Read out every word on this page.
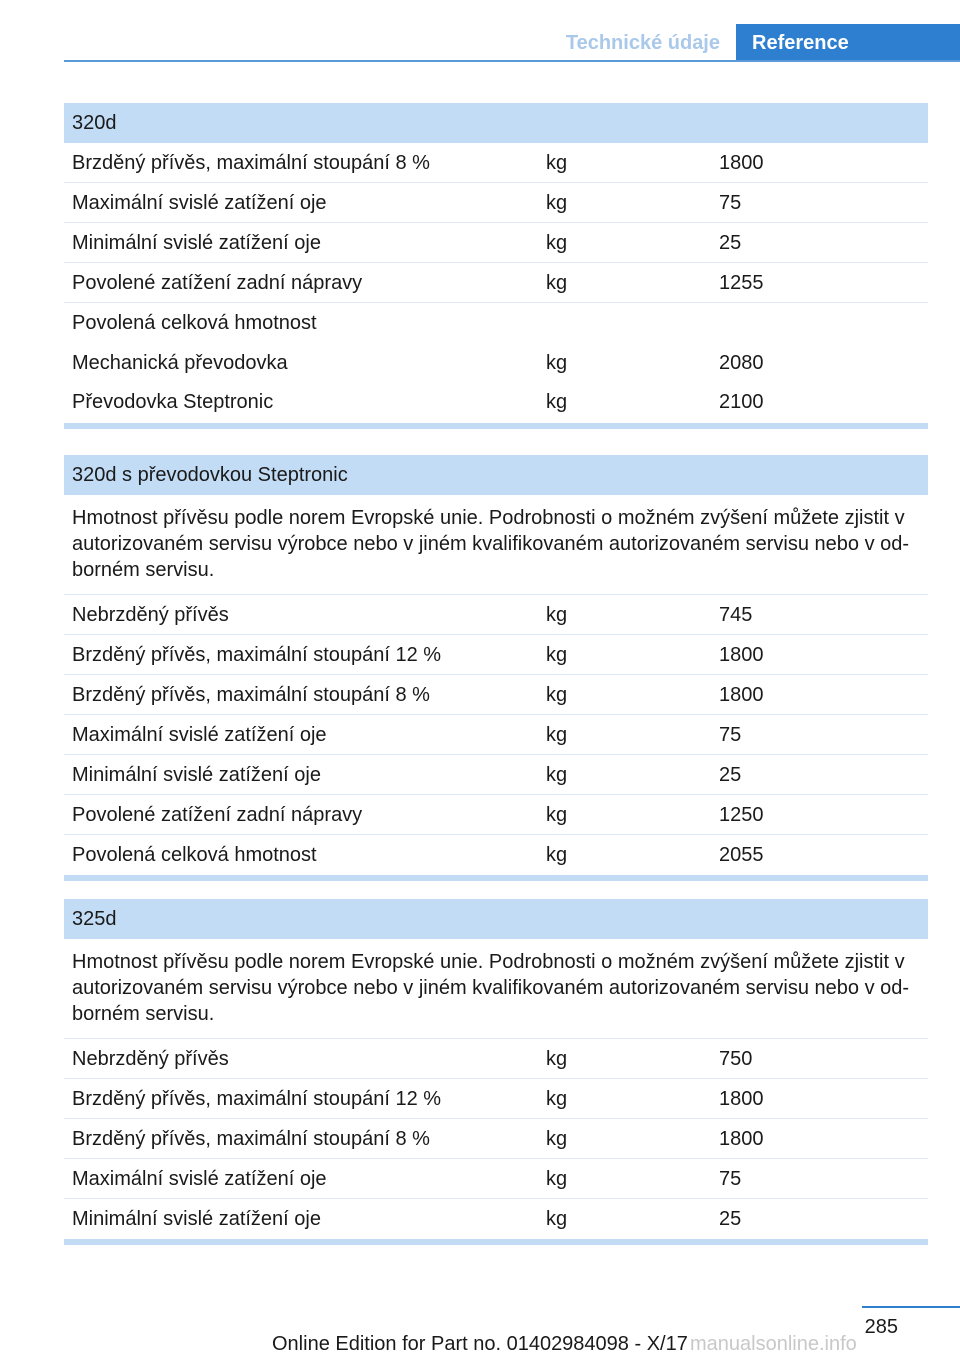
Technické údaje	Reference
320d
Brzděný přívěs, maximální stoupání 8 %	kg	1800
Maximální svislé zatížení oje	kg	75
Minimální svislé zatížení oje	kg	25
Povolené zatížení zadní nápravy	kg	1255
Povolená celková hmotnost
Mechanická převodovka	kg	2080
Převodovka Steptronic	kg	2100
320d s převodovkou Steptronic
Hmotnost přívěsu podle norem Evropské unie. Podrobnosti o možném zvýšení můžete zjistit v autorizovaném servisu výrobce nebo v jiném kvalifikovaném autorizovaném servisu nebo v od-borném servisu.
Nebrzděný přívěs	kg	745
Brzděný přívěs, maximální stoupání 12 %	kg	1800
Brzděný přívěs, maximální stoupání 8 %	kg	1800
Maximální svislé zatížení oje	kg	75
Minimální svislé zatížení oje	kg	25
Povolené zatížení zadní nápravy	kg	1250
Povolená celková hmotnost	kg	2055
325d
Hmotnost přívěsu podle norem Evropské unie. Podrobnosti o možném zvýšení můžete zjistit v autorizovaném servisu výrobce nebo v jiném kvalifikovaném autorizovaném servisu nebo v od-borném servisu.
Nebrzděný přívěs	kg	750
Brzděný přívěs, maximální stoupání 12 %	kg	1800
Brzděný přívěs, maximální stoupání 8 %	kg	1800
Maximální svislé zatížení oje	kg	75
Minimální svislé zatížení oje	kg	25
285
Online Edition for Part no. 01402984098 - X/17 manualsonline.info
